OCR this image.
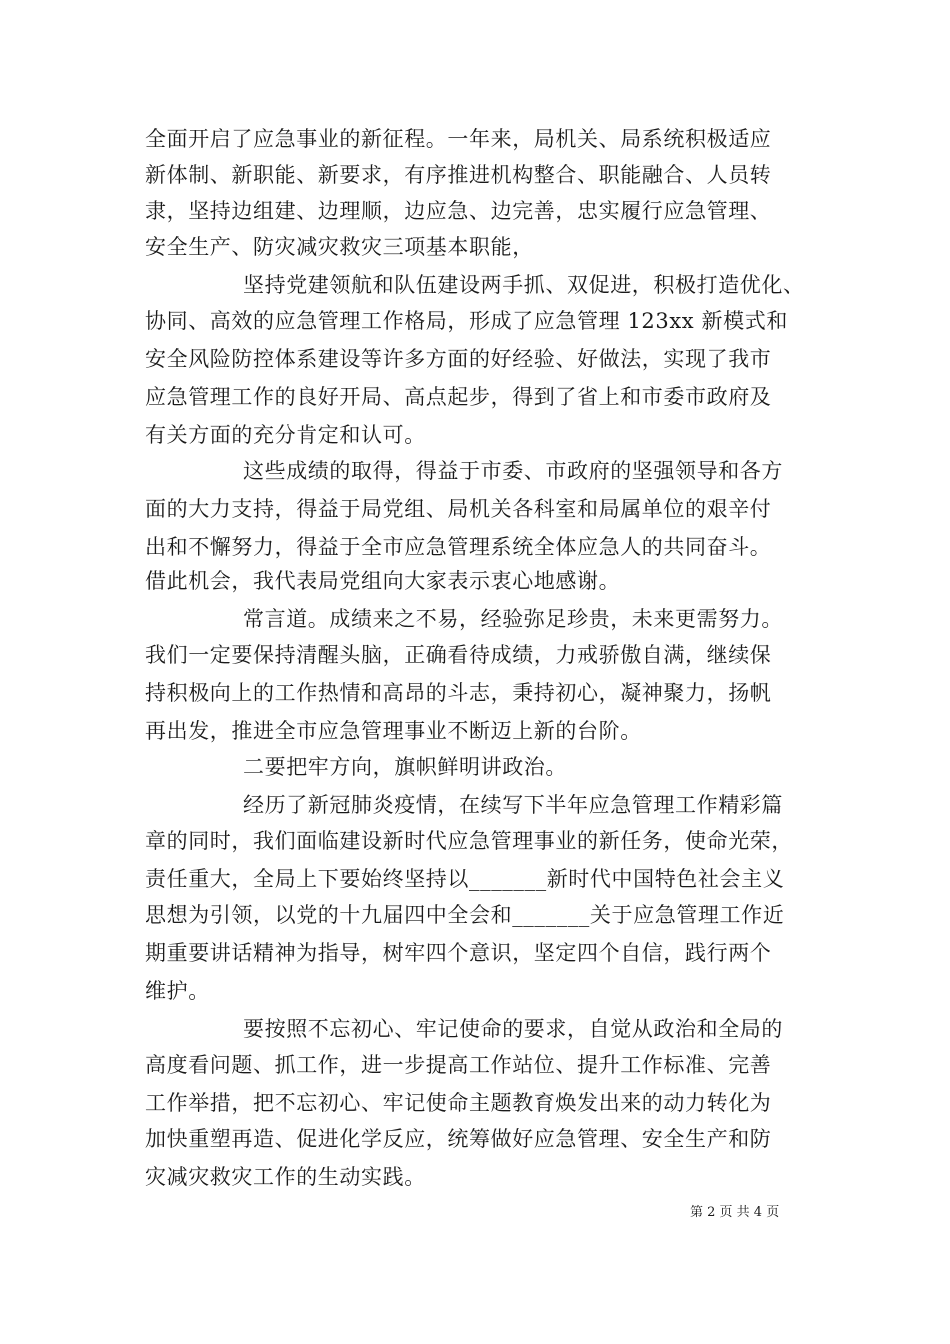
全面开启了应急事业的新征程。一年来，局机关、局系统积极适应
新体制、新职能、新要求，有序推进机构整合、职能融合、人员转
隶，坚持边组建、边理顺，边应急、边完善，忠实履行应急管理、
安全生产、防灾减灾救灾三项基本职能，
坚持党建领航和队伍建设两手抓、双促进，积极打造优化、
协同、高效的应急管理工作格局，形成了应急管理 123xx 新模式和
安全风险防控体系建设等许多方面的好经验、好做法，实现了我市
应急管理工作的良好开局、高点起步，得到了省上和市委市政府及
有关方面的充分肯定和认可。
这些成绩的取得，得益于市委、市政府的坚强领导和各方
面的大力支持，得益于局党组、局机关各科室和局属单位的艰辛付
出和不懈努力，得益于全市应急管理系统全体应急人的共同奋斗。
借此机会，我代表局党组向大家表示衷心地感谢。
常言道。成绩来之不易，经验弥足珍贵，未来更需努力。
我们一定要保持清醒头脑，正确看待成绩，力戒骄傲自满，继续保
持积极向上的工作热情和高昂的斗志，秉持初心，凝神聚力，扬帆
再出发，推进全市应急管理事业不断迈上新的台阶。
二要把牢方向，旗帜鲜明讲政治。
经历了新冠肺炎疫情，在续写下半年应急管理工作精彩篇
章的同时，我们面临建设新时代应急管理事业的新任务，使命光荣，
责任重大，全局上下要始终坚持以_______新时代中国特色社会主义
思想为引领，以党的十九届四中全会和_______关于应急管理工作近
期重要讲话精神为指导，树牢四个意识，坚定四个自信，践行两个
维护。
要按照不忘初心、牢记使命的要求，自觉从政治和全局的
高度看问题、抓工作，进一步提高工作站位、提升工作标准、完善
工作举措，把不忘初心、牢记使命主题教育焕发出来的动力转化为
加快重塑再造、促进化学反应，统筹做好应急管理、安全生产和防
灾减灾救灾工作的生动实践。
第 2 页 共 4 页
